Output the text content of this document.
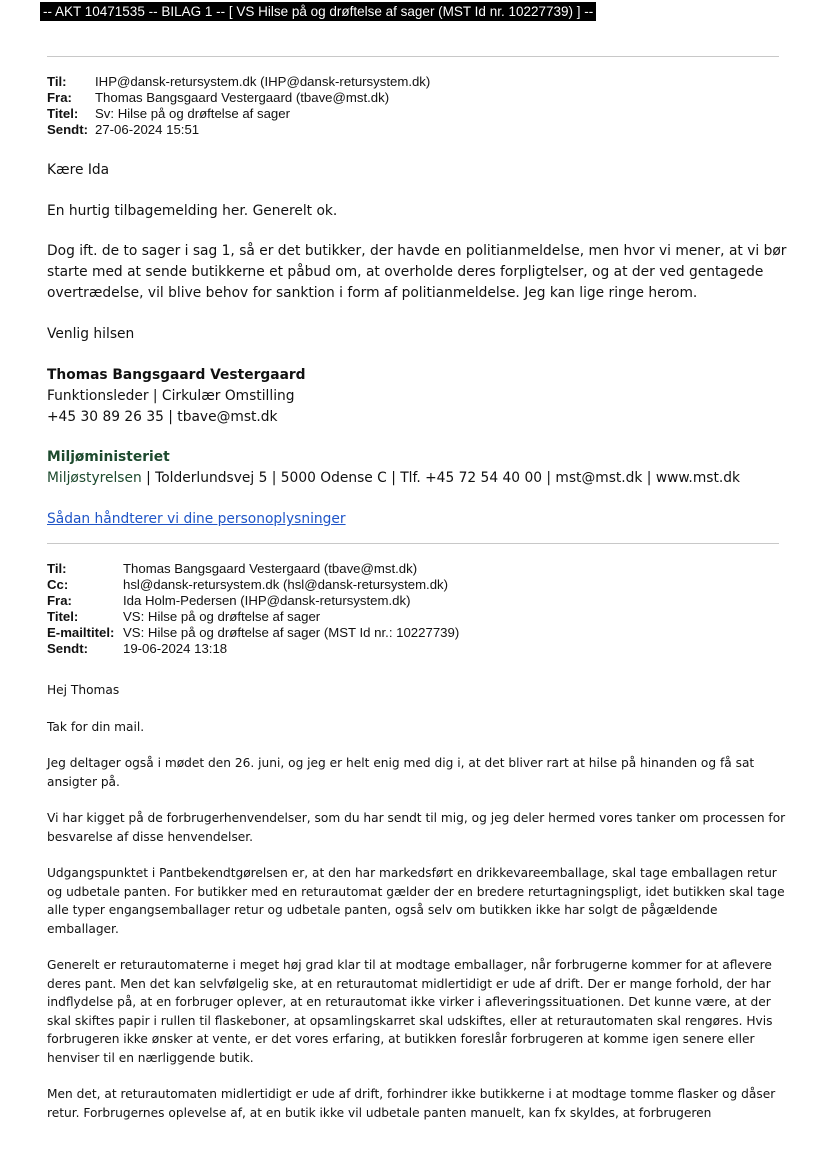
-- AKT 10471535 -- BILAG 1 -- [ VS Hilse på og drøftelse af sager (MST Id nr. 10227739) ] --
Til: IHP@dansk-retursystem.dk (IHP@dansk-retursystem.dk)
Fra: Thomas Bangsgaard Vestergaard (tbave@mst.dk)
Titel: Sv: Hilse på og drøftelse af sager
Sendt: 27-06-2024 15:51

Kære Ida

En hurtig tilbagemelding her. Generelt ok.

Dog ift. de to sager i sag 1, så er det butikker, der havde en politianmeldelse, men hvor vi mener, at vi bør starte med at sende butikkerne et påbud om, at overholde deres forpligtelser, og at der ved gentagede overtrædelse, vil blive behov for sanktion i form af politianmeldelse. Jeg kan lige ringe herom.

Venlig hilsen

Thomas Bangsgaard Vestergaard

Funktionsleder | Cirkulær Omstilling

+45 30 89 26 35 | tbave@mst.dk

Miljøministeriet

Miljøstyrelsen | Tolderlundsvej 5 | 5000 Odense C | Tlf. +45 72 54 40 00 | mst@mst.dk | www.mst.dk

Sådan håndterer vi dine personoplysninger

Til:	Thomas Bangsgaard Vestergaard (tbave@mst.dk)
Cc:	hsl@dansk-retursystem.dk (hsl@dansk-retursystem.dk)
Fra:	Ida Holm-Pedersen (IHP@dansk-retursystem.dk)
Titel:	VS: Hilse på og drøftelse af sager
E-mailtitel: VS: Hilse på og drøftelse af sager (MST Id nr.: 10227739)
Sendt:	19-06-2024 13:18

Hej Thomas

Tak for din mail.

Jeg deltager også i mødet den 26. juni, og jeg er helt enig med dig i, at det bliver rart at hilse på hinanden og få sat ansigter på.

Vi har kigget på de forbrugerhenvendelser, som du har sendt til mig, og jeg deler hermed vores tanker om processen for besvarelse af disse henvendelser.

Udgangspunktet i Pantbekendtgørelsen er, at den har markedsført en drikkevareemballage, skal tage emballagen retur og udbetale panten. For butikker med en returautomat gælder der en bredere returtagningspligt, idet butikken skal tage alle typer engangsemballager retur og udbetale panten, også selv om butikken ikke har solgt de pågældende emballager.

Generelt er returautomaterne i meget høj grad klar til at modtage emballager, når forbrugerne kommer for at aflevere deres pant. Men det kan selvfølgelig ske, at en returautomat midlertidigt er ude af drift. Der er mange forhold, der har indflydelse på, at en forbruger oplever, at en returautomat ikke virker i afleveringssituationen. Det kunne være, at der skal skiftes papir i rullen til flaskeboner, at opsamlingskarret skal udskiftes, eller at returautomaten skal rengøres. Hvis forbrugeren ikke ønsker at vente, er det vores erfaring, at butikken foreslår forbrugeren at komme igen senere eller henviser til en nærliggende butik.

Men det, at returautomaten midlertidigt er ude af drift, forhindrer ikke butikkerne i at modtage tomme flasker og dåser retur. Forbrugernes oplevelse af, at en butik ikke vil udbetale panten manuelt, kan fx skyldes, at forbrugeren
